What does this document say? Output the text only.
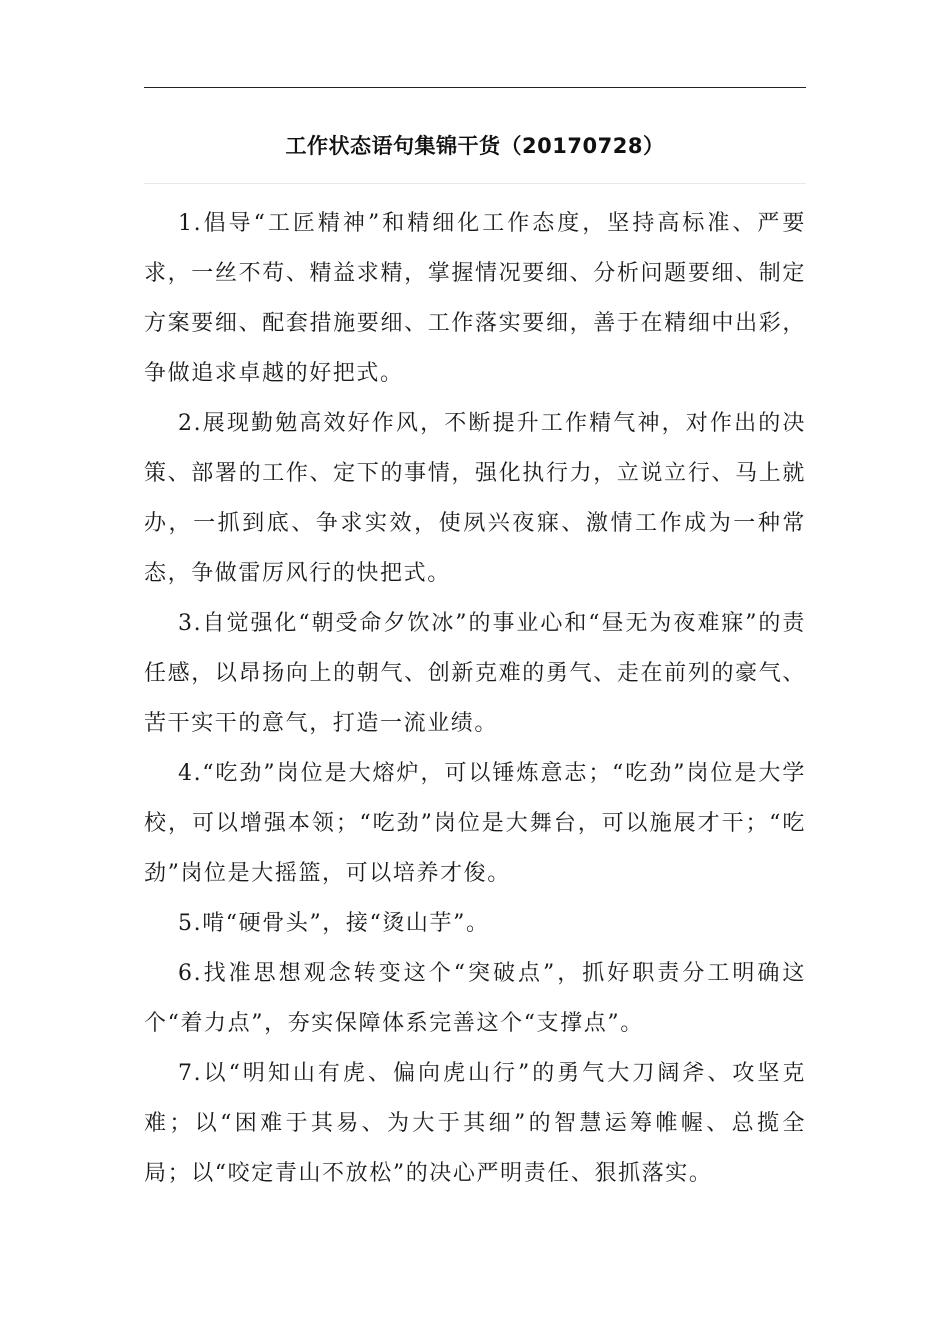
工作状态语句集锦干货（20170728）

1.倡导“工匠精神”和精细化工作态度，坚持高标准、严要求，一丝不苟、精益求精，掌握情况要细、分析问题要细、制定方案要细、配套措施要细、工作落实要细，善于在精细中出彩，争做追求卓越的好把式。

2.展现勤勉高效好作风，不断提升工作精气神，对作出的决策、部署的工作、定下的事情，强化执行力，立说立行、马上就办，一抓到底、争求实效，使夙兴夜寐、激情工作成为一种常态，争做雷厉风行的快把式。

3.自觉强化“朝受命夕饮冰”的事业心和“昼无为夜难寐”的责任感，以昂扬向上的朝气、创新克难的勇气、走在前列的豪气、苦干实干的意气，打造一流业绩。

4.“吃劲”岗位是大熔炉，可以锤炼意志；“吃劲”岗位是大学校，可以增强本领；“吃劲”岗位是大舞台，可以施展才干；“吃劲”岗位是大摇篮，可以培养才俊。

5.啃“硬骨头”，接“烫山芋”。

6.找准思想观念转变这个“突破点”，抓好职责分工明确这个“着力点”，夯实保障体系完善这个“支撑点”。

7.以“明知山有虎、偏向虎山行”的勇气大刀阔斧、攻坚克难；以“困难于其易、为大于其细”的智慧运筹帷幄、总揽全局；以“咬定青山不放松”的决心严明责任、狠抓落实。
